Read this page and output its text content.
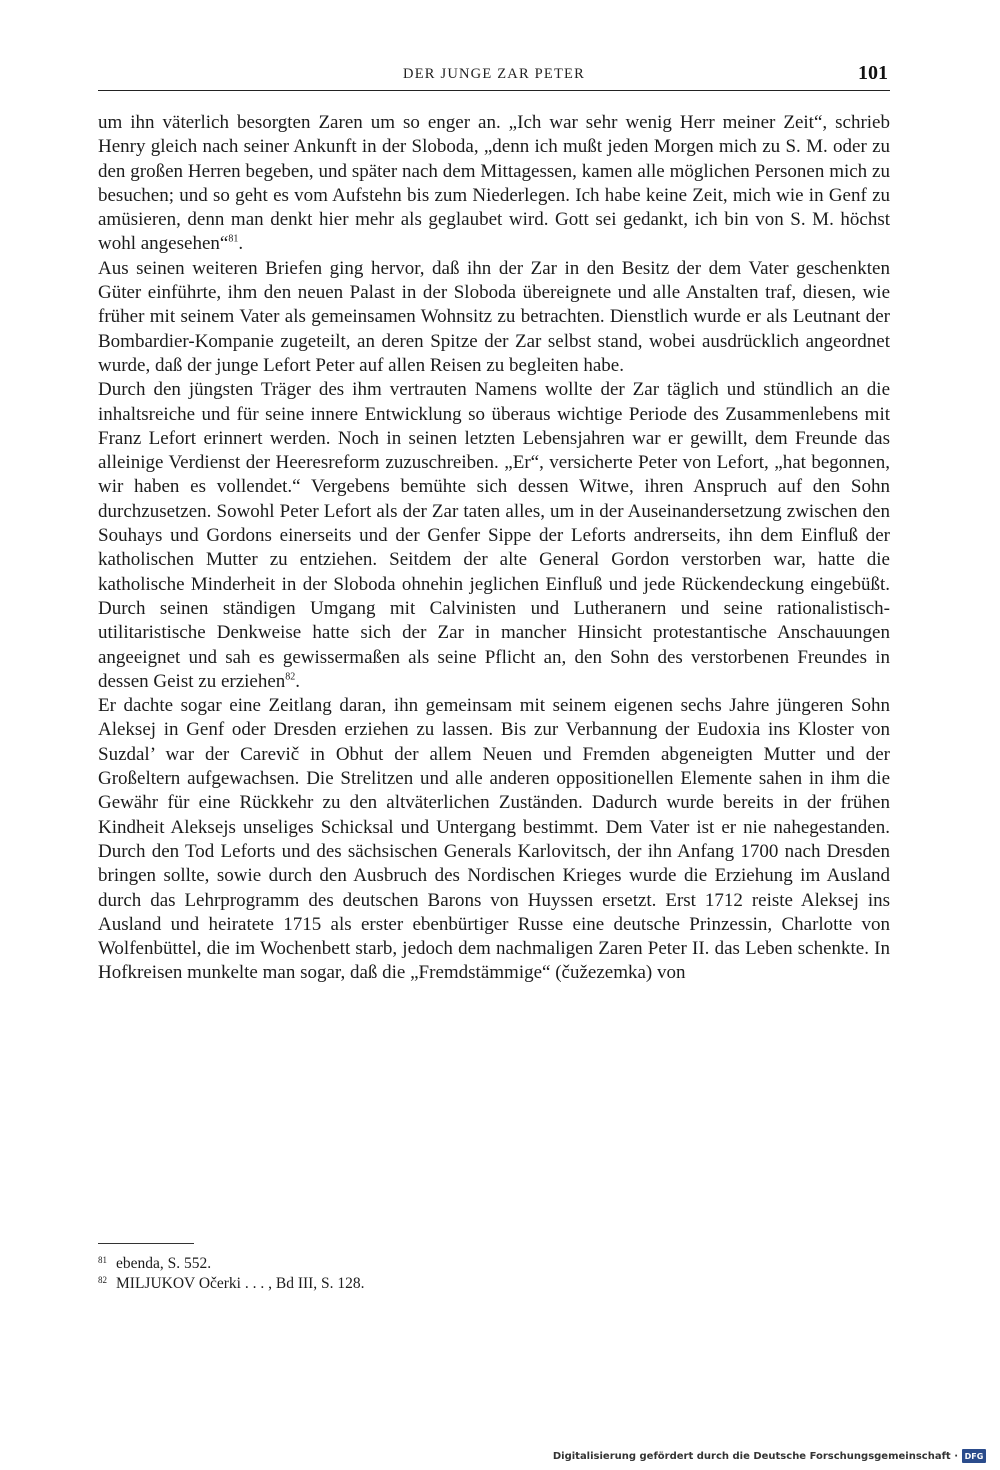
DER JUNGE ZAR PETER	101

um ihn väterlich besorgten Zaren um so enger an. „Ich war sehr wenig Herr meiner Zeit“, schrieb Henry gleich nach seiner Ankunft in der Sloboda, „denn ich mußt jeden Morgen mich zu S. M. oder zu den großen Herren begeben, und später nach dem Mittagessen, kamen alle möglichen Personen mich zu besuchen; und so geht es vom Aufstehn bis zum Niederlegen. Ich habe keine Zeit, mich wie in Genf zu amüsieren, denn man denkt hier mehr als geglaubet wird. Gott sei gedankt, ich bin von S. M. höchst wohl angesehen“$^{81}$.

Aus seinen weiteren Briefen ging hervor, daß ihn der Zar in den Besitz der dem Vater geschenkten Güter einführte, ihm den neuen Palast in der Sloboda übereignete und alle Anstalten traf, diesen, wie früher mit seinem Vater als gemeinsamen Wohnsitz zu betrachten. Dienstlich wurde er als Leutnant der Bombardier-Kompanie zugeteilt, an deren Spitze der Zar selbst stand, wobei ausdrücklich angeordnet wurde, daß der junge Lefort Peter auf allen Reisen zu begleiten habe.

Durch den jüngsten Träger des ihm vertrauten Namens wollte der Zar täglich und stündlich an die inhaltsreiche und für seine innere Entwicklung so überaus wichtige Periode des Zusammenlebens mit Franz Lefort erinnert werden. Noch in seinen letzten Lebensjahren war er gewillt, dem Freunde das alleinige Verdienst der Heeresreform zuzuschreiben. „Er“, versicherte Peter von Lefort, „hat begonnen, wir haben es vollendet.“ Vergebens bemühte sich dessen Witwe, ihren Anspruch auf den Sohn durchzusetzen. Sowohl Peter Lefort als der Zar taten alles, um in der Auseinandersetzung zwischen den Souhays und Gordons einerseits und der Genfer Sippe der Leforts andrerseits, ihn dem Einfluß der katholischen Mutter zu entziehen. Seitdem der alte General Gordon verstorben war, hatte die katholische Minderheit in der Sloboda ohnehin jeglichen Einfluß und jede Rückendeckung eingebüßt. Durch seinen ständigen Umgang mit Calvinisten und Lutheranern und seine rationalistisch-utilitaristische Denkweise hatte sich der Zar in mancher Hinsicht protestantische Anschauungen angeeignet und sah es gewissermaßen als seine Pflicht an, den Sohn des verstorbenen Freundes in dessen Geist zu erziehen$^{82}$.

Er dachte sogar eine Zeitlang daran, ihn gemeinsam mit seinem eigenen sechs Jahre jüngeren Sohn Aleksej in Genf oder Dresden erziehen zu lassen. Bis zur Verbannung der Eudoxia ins Kloster von Suzdal’ war der Carevič in Obhut der allem Neuen und Fremden abgeneigten Mutter und der Großeltern aufgewachsen. Die Strelitzen und alle anderen oppositionellen Elemente sahen in ihm die Gewähr für eine Rückkehr zu den altväterlichen Zuständen. Dadurch wurde bereits in der frühen Kindheit Aleksejs unseliges Schicksal und Untergang bestimmt. Dem Vater ist er nie nahegestanden. Durch den Tod Leforts und des sächsischen Generals Karlovitsch, der ihn Anfang 1700 nach Dresden bringen sollte, sowie durch den Ausbruch des Nordischen Krieges wurde die Erziehung im Ausland durch das Lehrprogramm des deutschen Barons von Huyssen ersetzt. Erst 1712 reiste Aleksej ins Ausland und heiratete 1715 als erster ebenbürtiger Russe eine deutsche Prinzessin, Charlotte von Wolfenbüttel, die im Wochenbett starb, jedoch dem nachmaligen Zaren Peter II. das Leben schenkte. In Hofkreisen munkelte man sogar, daß die „Fremdstämmige“ (čužezemka) von

81 ebenda, S. 552.
82 MILJUKOV Očerki . . . , Bd III, S. 128.
Digitalisierung gefördert durch die Deutsche Forschungsgemeinschaft · DFG
